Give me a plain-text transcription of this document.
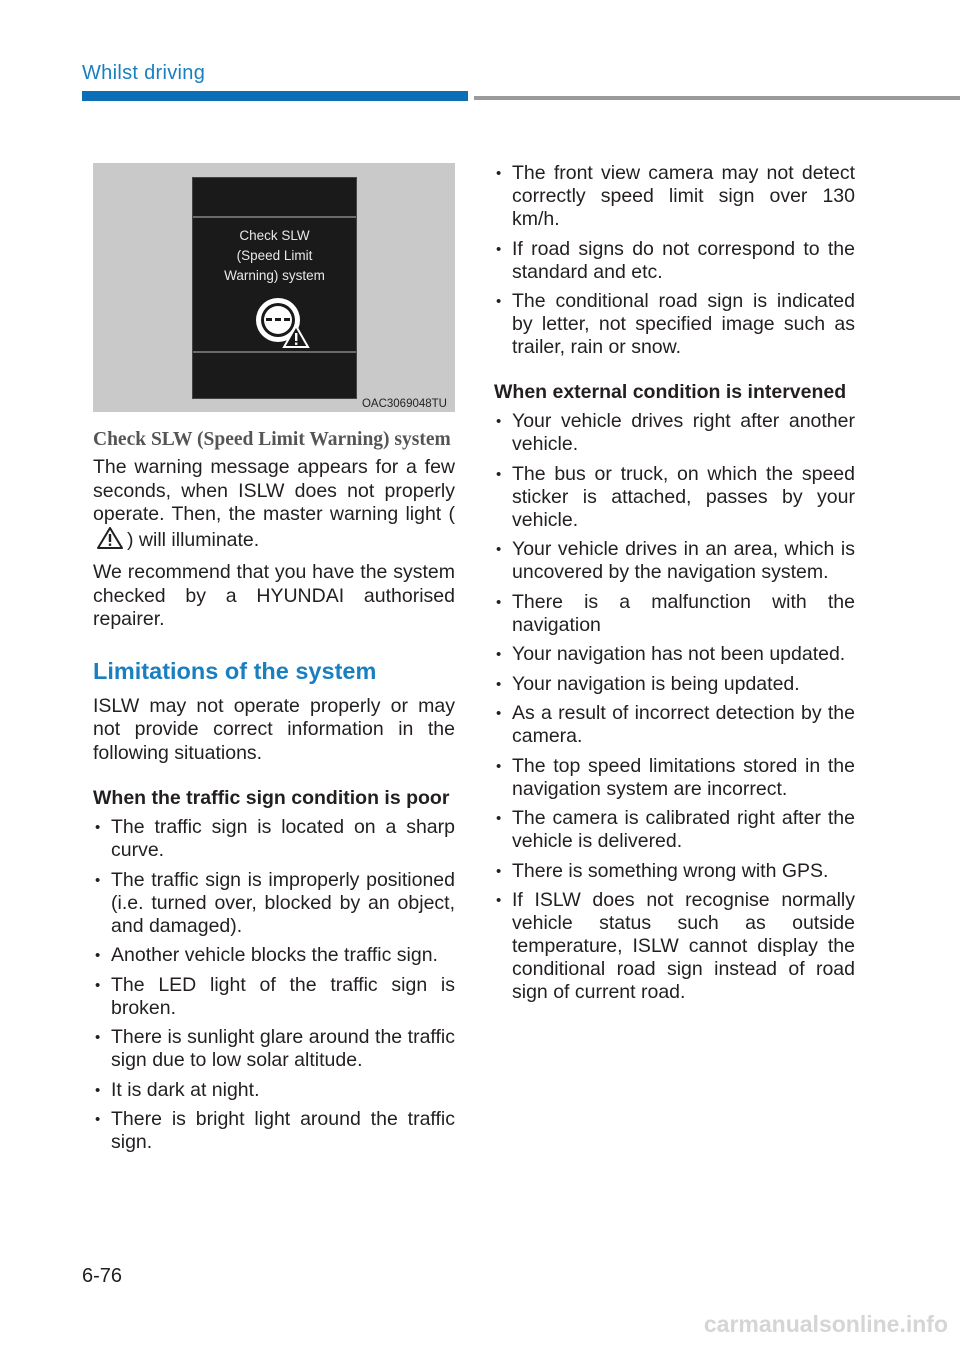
Whilst driving
Check SLW
(Speed Limit
Warning) system
OAC3069048TU
Check SLW (Speed Limit Warning) system

The warning message appears for a few seconds, when ISLW does not properly operate. Then, the master warning light () will illuminate.

We recommend that you have the system checked by a HYUNDAI authorised repairer.

Limitations of the system

ISLW may not operate properly or may not provide correct information in the following situations.

When the traffic sign condition is poor
• The traffic sign is located on a sharp curve.
• The traffic sign is improperly positioned (i.e. turned over, blocked by an object, and damaged).
• Another vehicle blocks the traffic sign.
• The LED light of the traffic sign is broken.
• There is sunlight glare around the traffic sign due to low solar altitude.
• It is dark at night.
• There is bright light around the traffic sign.
• The front view camera may not detect correctly speed limit sign over 130 km/h.
• If road signs do not correspond to the standard and etc.
• The conditional road sign is indicated by letter, not specified image such as trailer, rain or snow.
When external condition is intervened
• Your vehicle drives right after another vehicle.
• The bus or truck, on which the speed sticker is attached, passes by your vehicle.
• Your vehicle drives in an area, which is uncovered by the navigation system.
• There is a malfunction with the navigation
• Your navigation has not been updated.
• Your navigation is being updated.
• As a result of incorrect detection by the camera.
• The top speed limitations stored in the navigation system are incorrect.
• The camera is calibrated right after the vehicle is delivered.
• There is something wrong with GPS.
• If ISLW does not recognise normally vehicle status such as outside temperature, ISLW cannot display the conditional road sign instead of road sign of current road.
6-76
carmanualsonline.info
